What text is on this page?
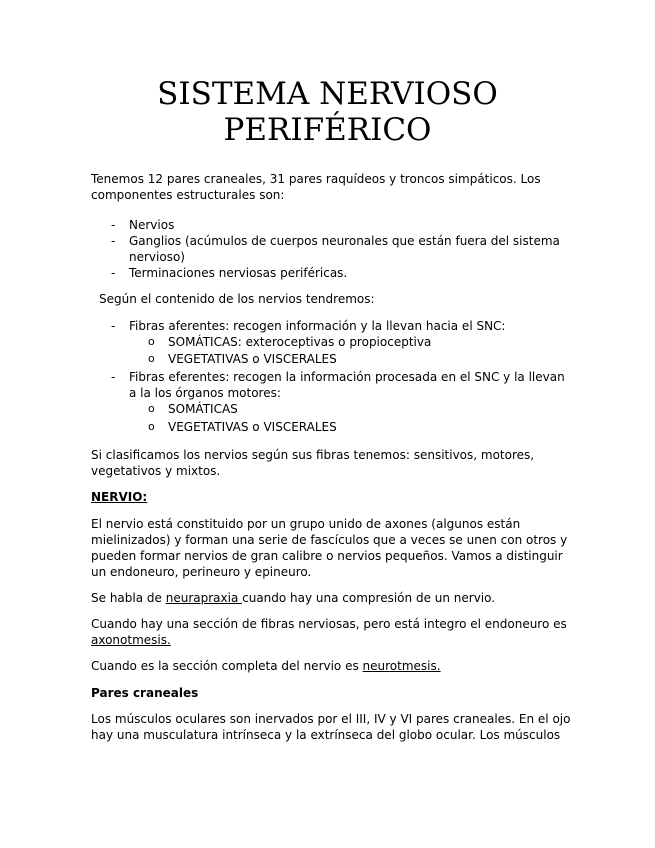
SISTEMA NERVIOSO
PERIFÉRICO
Tenemos 12 pares craneales, 31 pares raquídeos y troncos simpáticos. Los
componentes estructurales son:
- Nervios
- Ganglios (acúmulos de cuerpos neuronales que están fuera del sistema
nervioso)
- Terminaciones nerviosas periféricas.
Según el contenido de los nervios tendremos:
- Fibras aferentes: recogen información y la llevan hacia el SNC:
o SOMÁTICAS: exteroceptivas o propioceptiva
o VEGETATIVAS o VISCERALES
- Fibras eferentes: recogen la información procesada en el SNC y la llevan
a la los órganos motores:
o SOMÁTICAS
o VEGETATIVAS o VISCERALES
Si clasificamos los nervios según sus fibras tenemos: sensitivos, motores,
vegetativos y mixtos.
NERVIO:
El nervio está constituido por un grupo unido de axones (algunos están
mielinizados) y forman una serie de fascículos que a veces se unen con otros y
pueden formar nervios de gran calibre o nervios pequeños. Vamos a distinguir
un endoneuro, perineuro y epineuro.
Se habla de neurapraxia cuando hay una compresión de un nervio.
Cuando hay una sección de fibras nerviosas, pero está integro el endoneuro es
axonotmesis.
Cuando es la sección completa del nervio es neurotmesis.
Pares craneales
Los músculos oculares son inervados por el III, IV y VI pares craneales. En el ojo
hay una musculatura intrínseca y la extrínseca del globo ocular. Los músculos
